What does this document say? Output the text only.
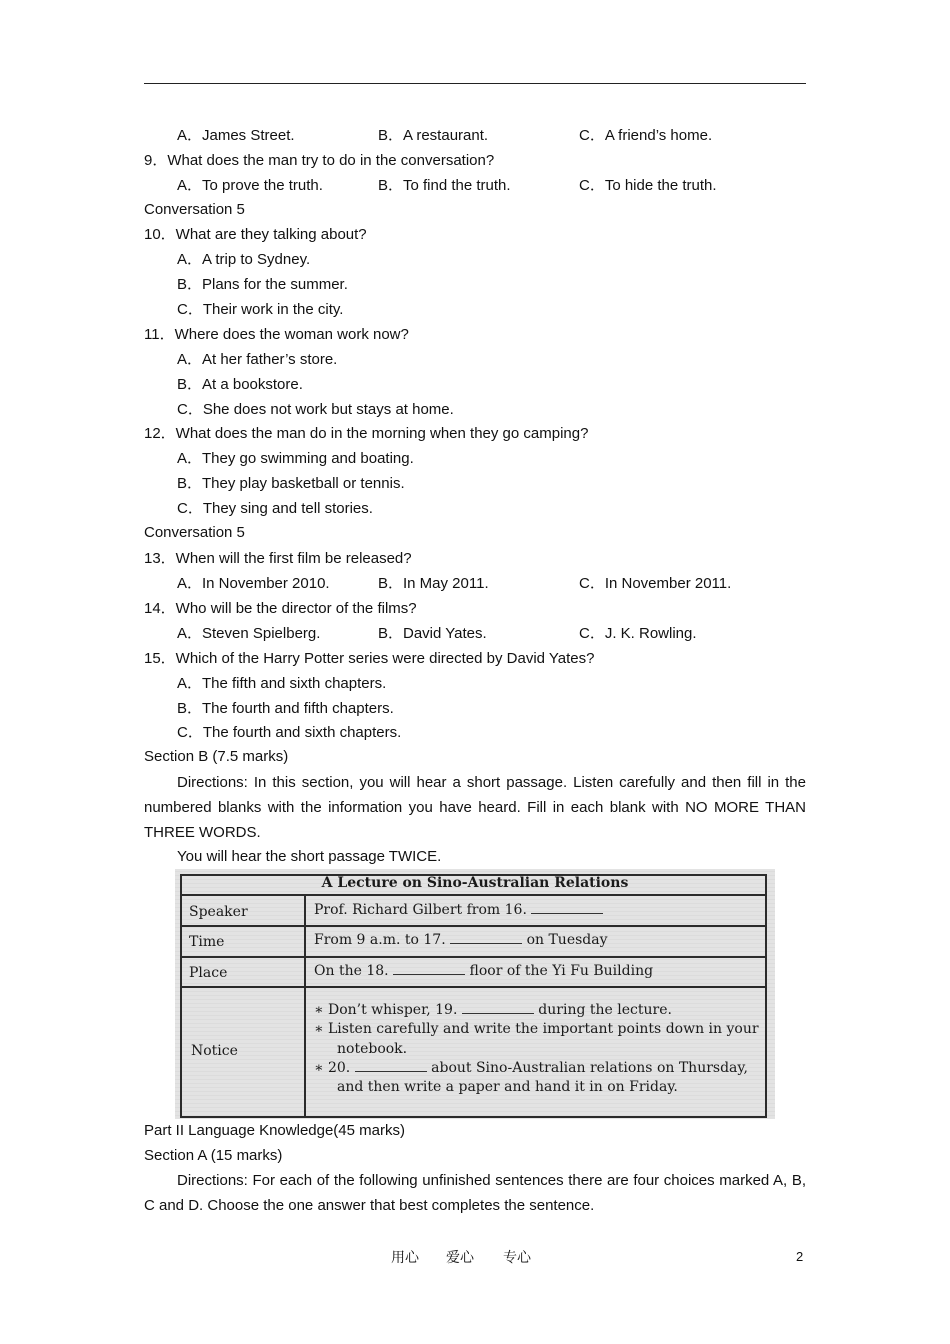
A．James Street.	B．A restaurant.	C．A friend’s home.
9．What does the man try to do in the conversation?
A．To prove the truth.	B．To find the truth.	C．To hide the truth.
Conversation 5
10．What are they talking about?
A．A trip to Sydney.
B．Plans for the summer.
C．Their work in the city.
11．Where does the woman work now?
A．At her father’s store.
B．At a bookstore.
C．She does not work but stays at home.
12．What does the man do in the morning when they go camping?
A．They go swimming and boating.
B．They play basketball or tennis.
C．They sing and tell stories.
Conversation 5
13．When will the first film be released?
A．In November 2010.	B．In May 2011.	C．In November 2011.
14．Who will be the director of the films?
A．Steven Spielberg.	B．David Yates.	C．J. K. Rowling.
15．Which of the Harry Potter series were directed by David Yates?
A．The fifth and sixth chapters.
B．The fourth and fifth chapters.
C．The fourth and sixth chapters.
Section B (7.5 marks)
Directions: In this section, you will hear a short passage. Listen carefully and then fill in the numbered blanks with the information you have heard. Fill in each blank with NO MORE THAN THREE WORDS.
You will hear the short passage TWICE.
A Lecture on Sino-Australian Relations
Speaker	Prof. Richard Gilbert from 16.
Time	From 9 a.m. to 17.	on Tuesday
Place	On the 18.	floor of the Yi Fu Building
Notice
∗ Don’t whisper, 19.	during the lecture.
∗ Listen carefully and write the important points down in your
notebook.
∗ 20.	about Sino-Australian relations on Thursday,
and then write a paper and hand it in on Friday.
Part II Language Knowledge(45 marks)
Section A (15 marks)
Directions: For each of the following unfinished sentences there are four choices marked A, B, C and D. Choose the one answer that best completes the sentence.
用心 爱心 专心	2
